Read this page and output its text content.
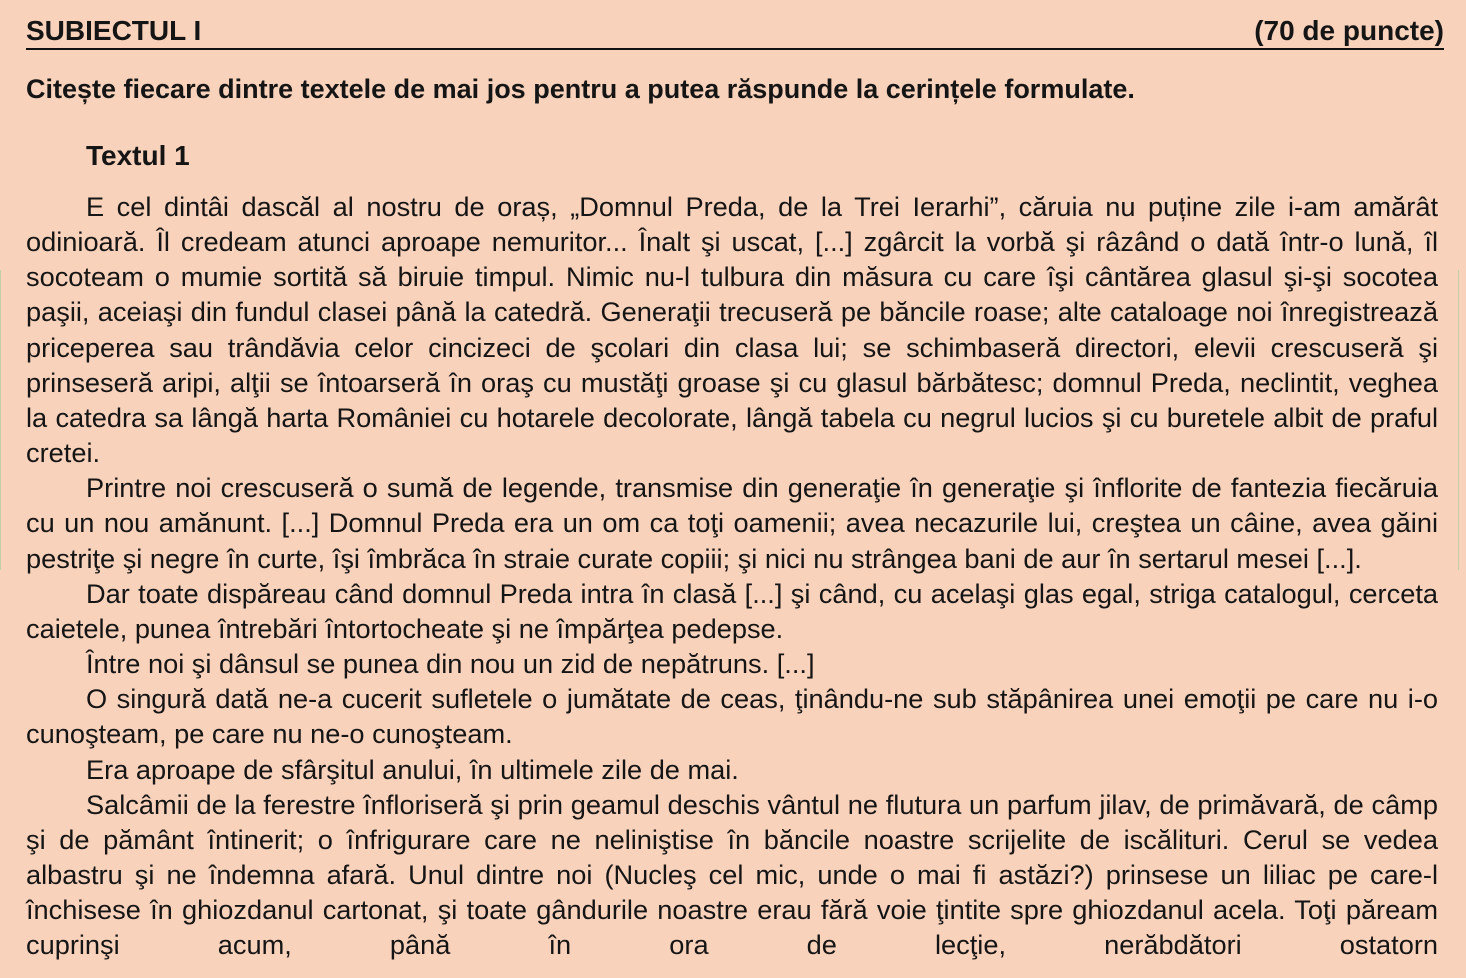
SUBIECTUL I	(70 de puncte)
Citește fiecare dintre textele de mai jos pentru a putea răspunde la cerințele formulate.
Textul 1

E cel dintâi dascăl al nostru de oraș, „Domnul Preda, de la Trei Ierarhi”, căruia nu puține zile i-am amărât odinioară. Îl credeam atunci aproape nemuritor... Înalt şi uscat, [...] zgârcit la vorbă şi râzând o dată într-o lună, îl socoteam o mumie sortită să biruie timpul. Nimic nu-l tulbura din măsura cu care îşi cântărea glasul şi-şi socotea paşii, aceiaşi din fundul clasei până la catedră. Generaţii trecuseră pe băncile roase; alte cataloage noi înregistrează priceperea sau trândăvia celor cincizeci de şcolari din clasa lui; se schimbaseră directori, elevii crescuseră şi prinseseră aripi, alţii se întoarseră în oraş cu mustăţi groase şi cu glasul bărbătesc; domnul Preda, neclintit, veghea la catedra sa lângă harta României cu hotarele decolorate, lângă tabela cu negrul lucios şi cu buretele albit de praful cretei.

Printre noi crescuseră o sumă de legende, transmise din generaţie în generaţie şi înflorite de fantezia fiecăruia cu un nou amănunt. [...] Domnul Preda era un om ca toţi oamenii; avea necazurile lui, creştea un câine, avea găini pestriţe şi negre în curte, îşi îmbrăca în straie curate copiii; şi nici nu strângea bani de aur în sertarul mesei [...].

Dar toate dispăreau când domnul Preda intra în clasă [...] şi când, cu acelaşi glas egal, striga catalogul, cerceta caietele, punea întrebări întortocheate şi ne împărţea pedepse.

Între noi şi dânsul se punea din nou un zid de nepătruns. [...]

O singură dată ne-a cucerit sufletele o jumătate de ceas, ţinându-ne sub stăpânirea unei emoţii pe care nu i-o cunoşteam, pe care nu ne-o cunoşteam.

Era aproape de sfârşitul anului, în ultimele zile de mai.

Salcâmii de la ferestre înfloriseră şi prin geamul deschis vântul ne flutura un parfum jilav, de primăvară, de câmp şi de pământ întinerit; o înfrigurare care ne neliniştise în băncile noastre scrijelite de iscălituri. Cerul se vedea albastru şi ne îndemna afară. Unul dintre noi (Nucleş cel mic, unde o mai fi astăzi?) prinsese un liliac pe care-l închisese în ghiozdanul cartonat, şi toate gândurile noastre erau fără voie ţintite spre ghiozdanul acela. Toţi păream cuprinşi acum, până în ora de lecţie, nerăbdători ostatorn
